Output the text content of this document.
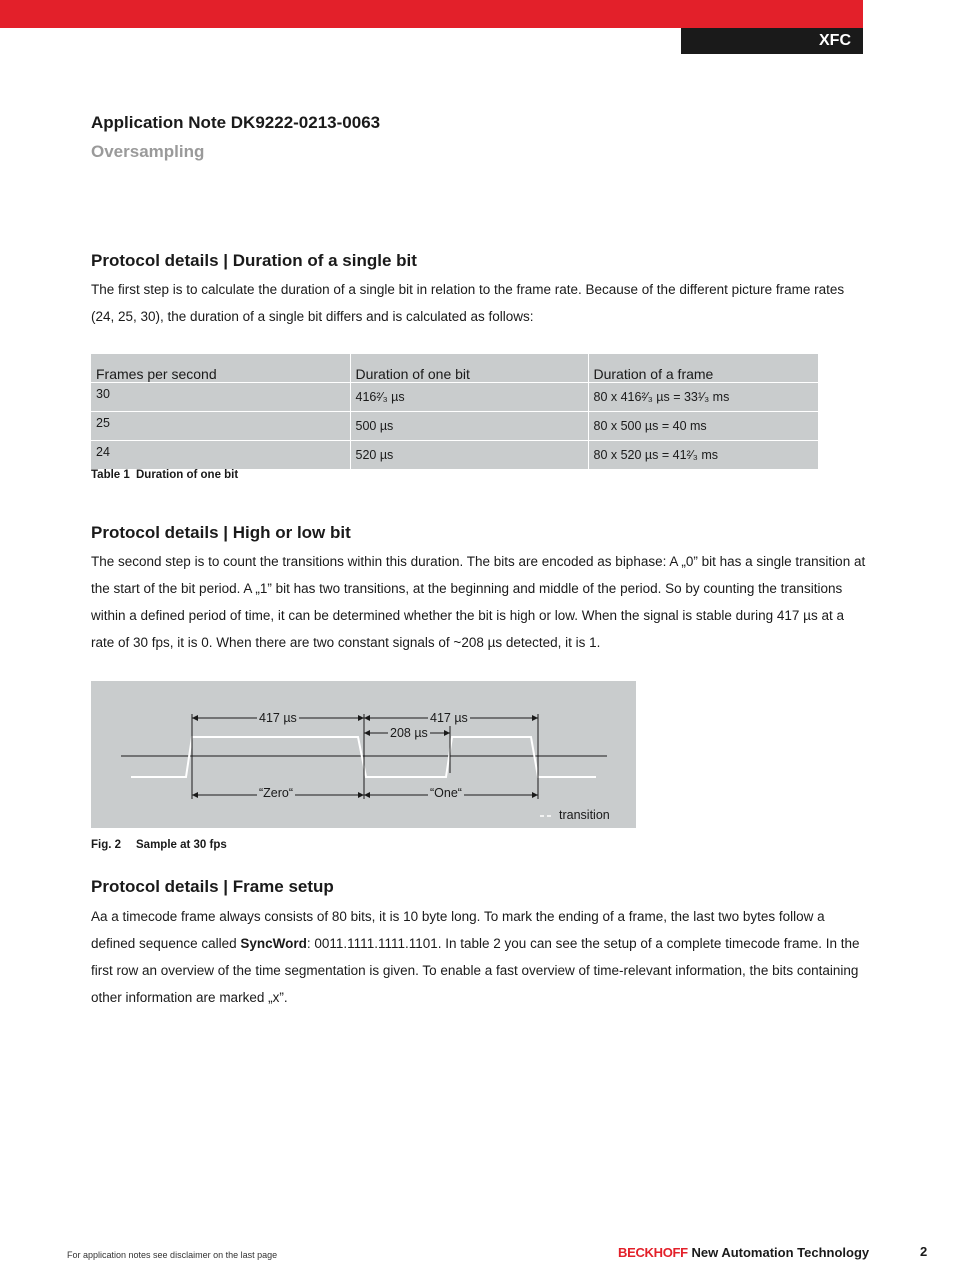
XFC
Application Note DK9222-0213-0063
Oversampling
Protocol details | Duration of a single bit

The first step is to calculate the duration of a single bit in relation to the frame rate. Because of the different picture frame rates (24, 25, 30), the duration of a single bit differs and is calculated as follows:

Frames per second	Duration of one bit	Duration of a frame
30	416²⁄₃ µs	80 x 416²⁄₃ µs = 33¹⁄₃ ms
25	500 µs	80 x 500 µs = 40 ms
24	520 µs	80 x 520 µs = 41²⁄₃ ms
Table 1 Duration of one bit
Protocol details | High or low bit

The second step is to count the transitions within this duration. The bits are encoded as biphase: A „0” bit has a single transition at the start of the bit period. A „1” bit has two transitions, at the beginning and middle of the period. So by counting the transitions within a defined period of time, it can be determined whether the bit is high or low. When the signal is stable during 417 µs at a rate of 30 fps, it is 0. When there are two constant signals of ~208 µs detected, it is 1.

417 µs	417 µs
208 µs
“Zero“	“One“
transition
Fig. 2 Sample at 30 fps
Protocol details | Frame setup

Aa a timecode frame always consists of 80 bits, it is 10 byte long. To mark the ending of a frame, the last two bytes follow a defined sequence called SyncWord: 0011.1111.1111.1101. In table 2 you can see the setup of a complete timecode frame. In the first row an overview of the time segmentation is given. To enable a fast overview of time-relevant information, the bits containing other information are marked „x”.

For application notes see disclaimer on the last page	BECKHOFF New Automation Technology	2
